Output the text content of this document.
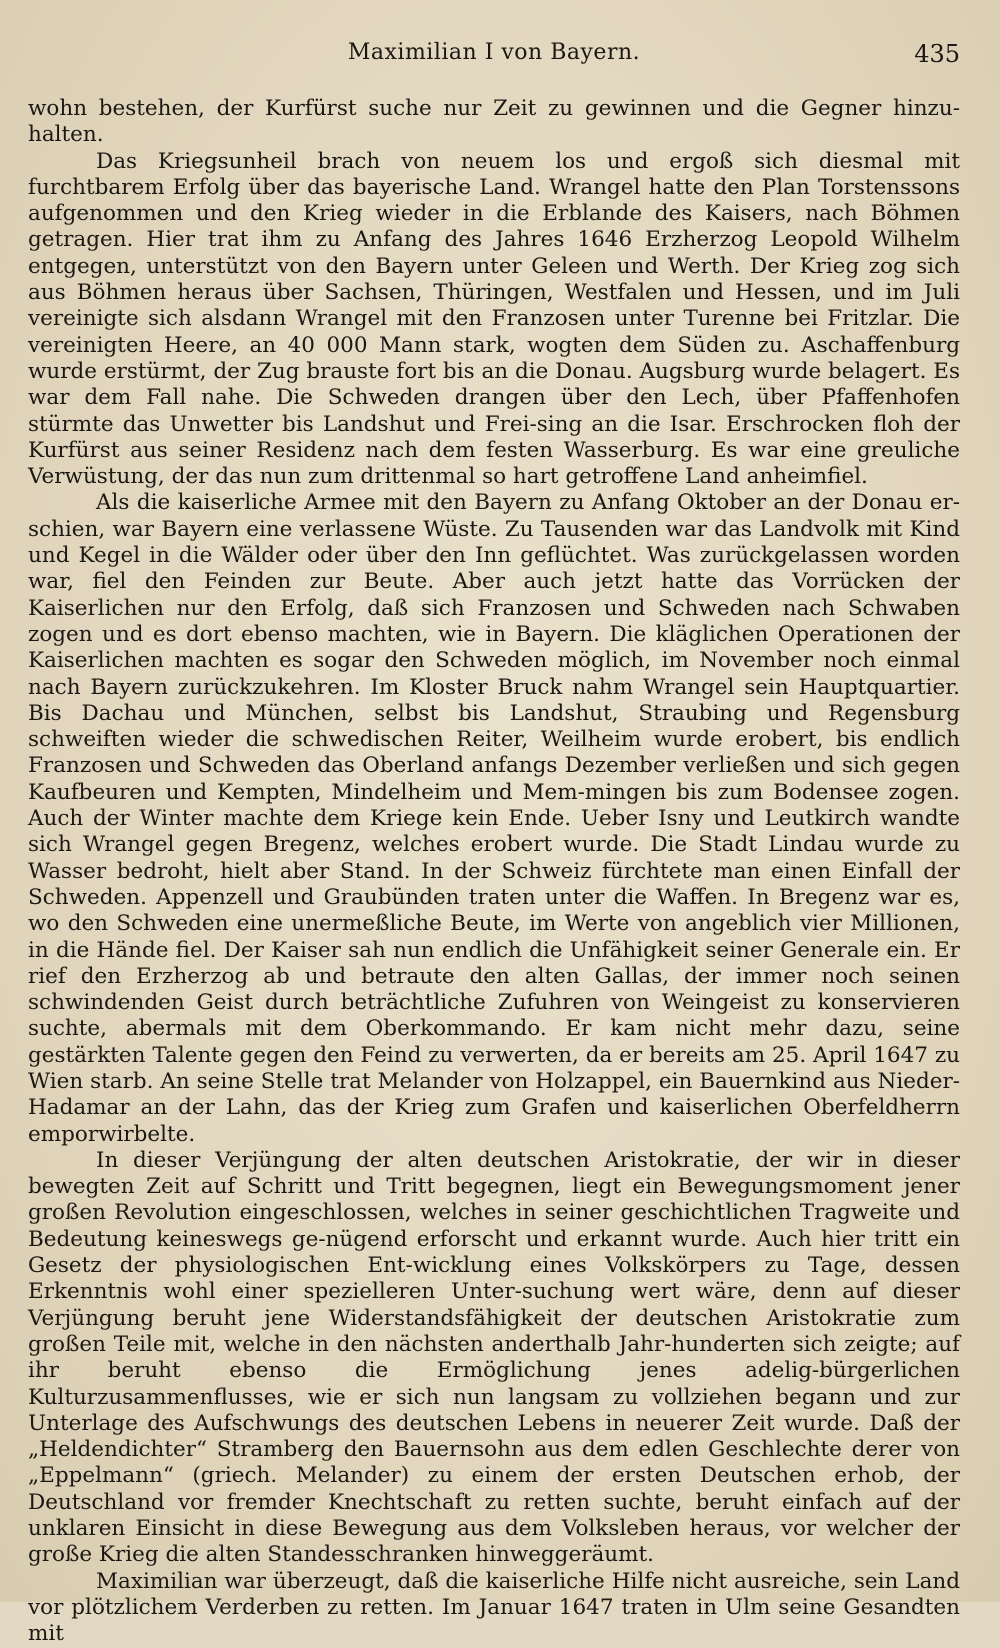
Maximilian I von Bayern.	435

wohn bestehen, der Kurfürst suche nur Zeit zu gewinnen und die Gegner hinzu-halten.

Das Kriegsunheil brach von neuem los und ergoß sich diesmal mit furchtbarem Erfolg über das bayerische Land. Wrangel hatte den Plan Torstenssons aufgenommen und den Krieg wieder in die Erblande des Kaisers, nach Böhmen getragen. Hier trat ihm zu Anfang des Jahres 1646 Erzherzog Leopold Wilhelm entgegen, unterstützt von den Bayern unter Geleen und Werth. Der Krieg zog sich aus Böhmen heraus über Sachsen, Thüringen, Westfalen und Hessen, und im Juli vereinigte sich alsdann Wrangel mit den Franzosen unter Turenne bei Fritzlar. Die vereinigten Heere, an 40 000 Mann stark, wogten dem Süden zu. Aschaffenburg wurde erstürmt, der Zug brauste fort bis an die Donau. Augsburg wurde belagert. Es war dem Fall nahe. Die Schweden drangen über den Lech, über Pfaffenhofen stürmte das Unwetter bis Landshut und Frei-sing an die Isar. Erschrocken floh der Kurfürst aus seiner Residenz nach dem festen Wasserburg. Es war eine greuliche Verwüstung, der das nun zum drittenmal so hart getroffene Land anheimfiel.

Als die kaiserliche Armee mit den Bayern zu Anfang Oktober an der Donau er-schien, war Bayern eine verlassene Wüste. Zu Tausenden war das Landvolk mit Kind und Kegel in die Wälder oder über den Inn geflüchtet. Was zurückgelassen worden war, fiel den Feinden zur Beute. Aber auch jetzt hatte das Vorrücken der Kaiserlichen nur den Erfolg, daß sich Franzosen und Schweden nach Schwaben zogen und es dort ebenso machten, wie in Bayern. Die kläglichen Operationen der Kaiserlichen machten es sogar den Schweden möglich, im November noch einmal nach Bayern zurückzukehren. Im Kloster Bruck nahm Wrangel sein Hauptquartier. Bis Dachau und München, selbst bis Landshut, Straubing und Regensburg schweiften wieder die schwedischen Reiter, Weilheim wurde erobert, bis endlich Franzosen und Schweden das Oberland anfangs Dezember verließen und sich gegen Kaufbeuren und Kempten, Mindelheim und Mem-mingen bis zum Bodensee zogen. Auch der Winter machte dem Kriege kein Ende. Ueber Isny und Leutkirch wandte sich Wrangel gegen Bregenz, welches erobert wurde. Die Stadt Lindau wurde zu Wasser bedroht, hielt aber Stand. In der Schweiz fürchtete man einen Einfall der Schweden. Appenzell und Graubünden traten unter die Waffen. In Bregenz war es, wo den Schweden eine unermeßliche Beute, im Werte von angeblich vier Millionen, in die Hände fiel. Der Kaiser sah nun endlich die Unfähigkeit seiner Generale ein. Er rief den Erzherzog ab und betraute den alten Gallas, der immer noch seinen schwindenden Geist durch beträchtliche Zufuhren von Weingeist zu konservieren suchte, abermals mit dem Oberkommando. Er kam nicht mehr dazu, seine gestärkten Talente gegen den Feind zu verwerten, da er bereits am 25. April 1647 zu Wien starb. An seine Stelle trat Melander von Holzappel, ein Bauernkind aus Nieder-Hadamar an der Lahn, das der Krieg zum Grafen und kaiserlichen Oberfeldherrn emporwirbelte.

In dieser Verjüngung der alten deutschen Aristokratie, der wir in dieser bewegten Zeit auf Schritt und Tritt begegnen, liegt ein Bewegungsmoment jener großen Revolution eingeschlossen, welches in seiner geschichtlichen Tragweite und Bedeutung keineswegs ge-nügend erforscht und erkannt wurde. Auch hier tritt ein Gesetz der physiologischen Ent-wicklung eines Volkskörpers zu Tage, dessen Erkenntnis wohl einer spezielleren Unter-suchung wert wäre, denn auf dieser Verjüngung beruht jene Widerstandsfähigkeit der deutschen Aristokratie zum großen Teile mit, welche in den nächsten anderthalb Jahr-hunderten sich zeigte; auf ihr beruht ebenso die Ermöglichung jenes adelig-bürgerlichen Kulturzusammenflusses, wie er sich nun langsam zu vollziehen begann und zur Unterlage des Aufschwungs des deutschen Lebens in neuerer Zeit wurde. Daß der „Heldendichter“ Stramberg den Bauernsohn aus dem edlen Geschlechte derer von „Eppelmann“ (griech. Melander) zu einem der ersten Deutschen erhob, der Deutschland vor fremder Knechtschaft zu retten suchte, beruht einfach auf der unklaren Einsicht in diese Bewegung aus dem Volksleben heraus, vor welcher der große Krieg die alten Standesschranken hinweggeräumt.

Maximilian war überzeugt, daß die kaiserliche Hilfe nicht ausreiche, sein Land vor plötzlichem Verderben zu retten. Im Januar 1647 traten in Ulm seine Gesandten mit
